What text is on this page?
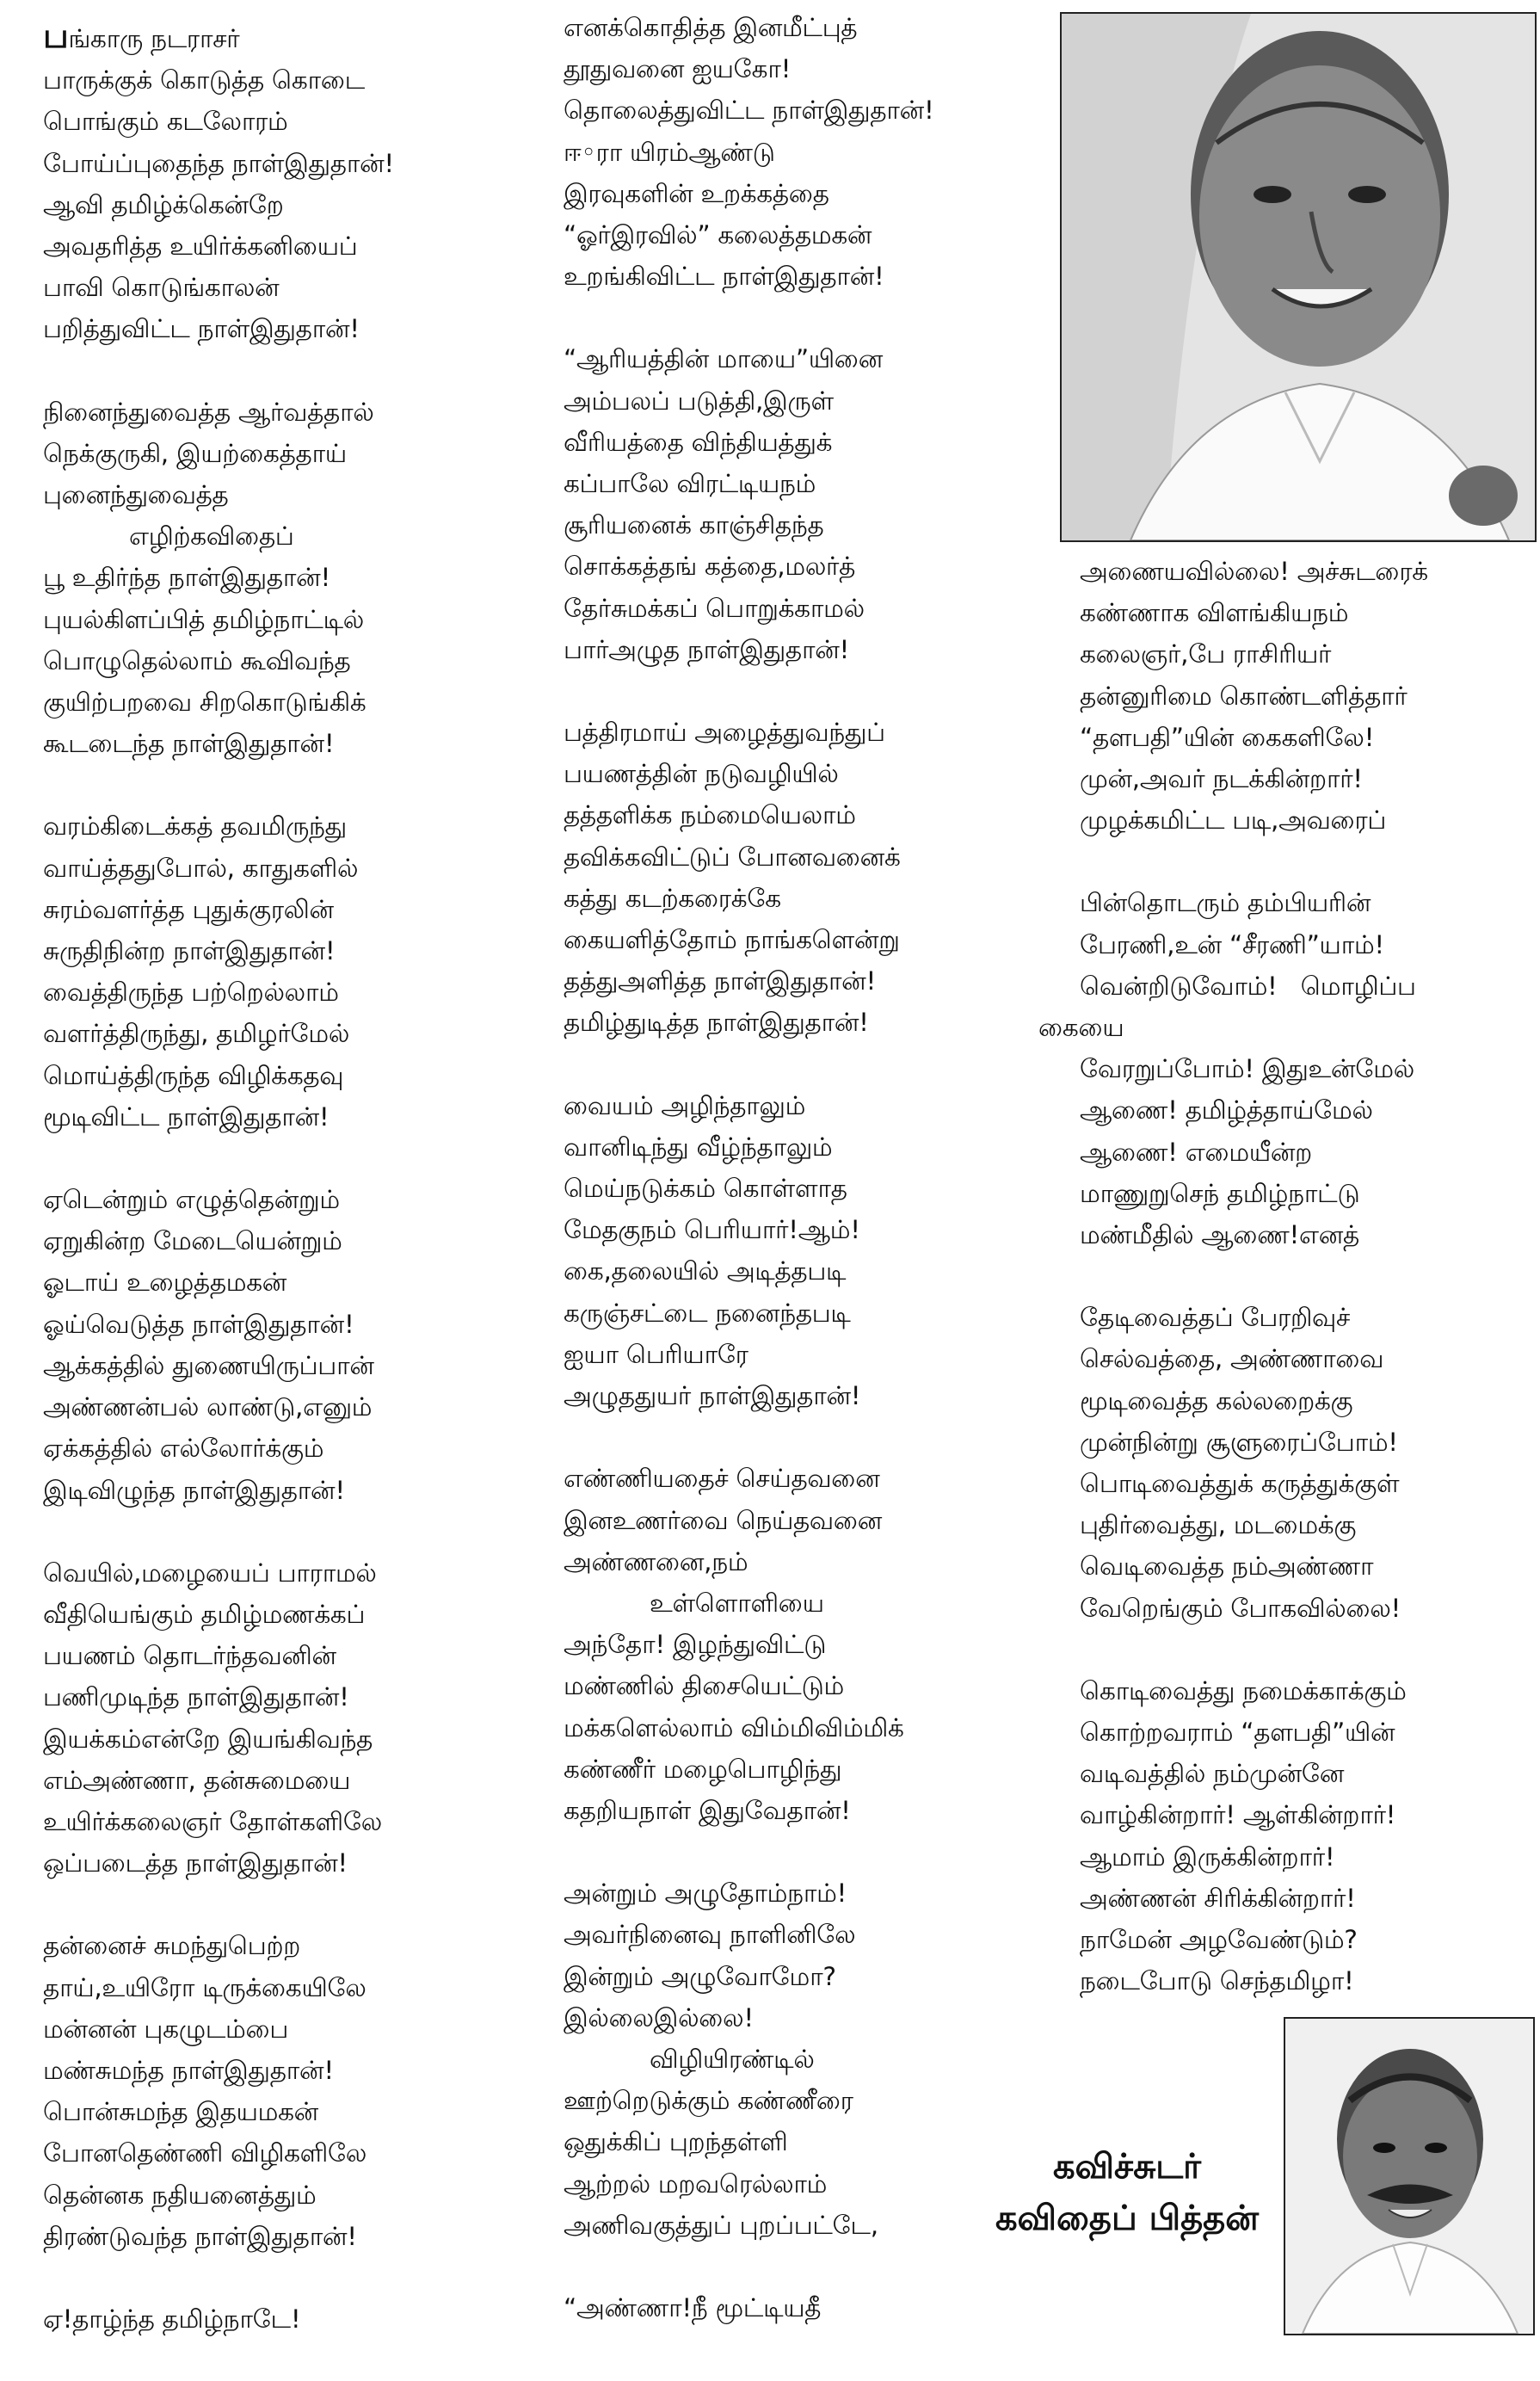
பங்காரு நடராசர்
பாருக்குக் கொடுத்த கொடை
பொங்கும் கடலோரம்
போய்ப்புதைந்த நாள்இதுதான்!
ஆவி தமிழ்க்கென்றே
அவதரித்த உயிர்க்கனியைப்
பாவி கொடுங்காலன்
பறித்துவிட்ட நாள்இதுதான்!
நினைந்துவைத்த ஆர்வத்தால்
நெக்குருகி, இயற்கைத்தாய்
புனைந்துவைத்த
எழிற்கவிதைப்
பூ உதிர்ந்த நாள்இதுதான்!
புயல்கிளப்பித் தமிழ்நாட்டில்
பொழுதெல்லாம் கூவிவந்த
குயிற்பறவை சிறகொடுங்கிக்
கூடடைந்த நாள்இதுதான்!
வரம்கிடைக்கத் தவமிருந்து
வாய்த்ததுபோல், காதுகளில்
சுரம்வளர்த்த புதுக்குரலின்
சுருதிநின்ற நாள்இதுதான்!
வைத்திருந்த பற்றெல்லாம்
வளர்த்திருந்து, தமிழர்மேல்
மொய்த்திருந்த விழிக்கதவு
மூடிவிட்ட நாள்இதுதான்!
ஏடென்றும் எழுத்தென்றும்
ஏறுகின்ற மேடையென்றும்
ஓடாய் உழைத்தமகன்
ஓய்வெடுத்த நாள்இதுதான்!
ஆக்கத்தில் துணையிருப்பான்
அண்ணன்பல் லாண்டு,எனும்
ஏக்கத்தில் எல்லோர்க்கும்
இடிவிழுந்த நாள்இதுதான்!
வெயில்,மழையைப் பாராமல்
வீதியெங்கும் தமிழ்மணக்கப்
பயணம் தொடர்ந்தவனின்
பணிமுடிந்த நாள்இதுதான்!
இயக்கம்என்றே இயங்கிவந்த
எம்அண்ணா, தன்சுமையை
உயிர்க்கலைஞர் தோள்களிலே
ஒப்படைத்த நாள்இதுதான்!
தன்னைச் சுமந்துபெற்ற
தாய்,உயிரோ டிருக்கையிலே
மன்னன் புகழுடம்பை
மண்சுமந்த நாள்இதுதான்!
பொன்சுமந்த இதயமகன்
போனதெண்ணி விழிகளிலே
தென்னக நதியனைத்தும்
திரண்டுவந்த நாள்இதுதான்!
ஏ!தாழ்ந்த தமிழ்நாடே!
எனக்கொதித்த இனமீட்புத்
தூதுவனை ஐயகோ!
தொலைத்துவிட்ட நாள்இதுதான்!
ஈ◦ரா யிரம்ஆண்டு
இரவுகளின் உறக்கத்தை
“ஓர்இரவில்” கலைத்தமகன்
உறங்கிவிட்ட நாள்இதுதான்!
“ஆரியத்தின் மாயை”யினை
அம்பலப் படுத்தி,இருள்
வீரியத்தை விந்தியத்துக்
கப்பாலே விரட்டியநம்
சூரியனைக் காஞ்சிதந்த
சொக்கத்தங் கத்தை,மலர்த்
தேர்சுமக்கப் பொறுக்காமல்
பார்அழுத நாள்இதுதான்!
பத்திரமாய் அழைத்துவந்துப்
பயணத்தின் நடுவழியில்
தத்தளிக்க நம்மையெலாம்
தவிக்கவிட்டுப் போனவனைக்
கத்து கடற்கரைக்கே
கையளித்தோம் நாங்களென்று
தத்துஅளித்த நாள்இதுதான்!
தமிழ்துடித்த நாள்இதுதான்!
வையம் அழிந்தாலும்
வானிடிந்து வீழ்ந்தாலும்
மெய்நடுக்கம் கொள்ளாத
மேதகுநம் பெரியார்!ஆம்!
கை,தலையில் அடித்தபடி
கருஞ்சட்டை நனைந்தபடி
ஐயா பெரியாரே
அழுததுயர் நாள்இதுதான்!
எண்ணியதைச் செய்தவனை
இனஉணர்வை நெய்தவனை
அண்ணனை,நம்
உள்ளொளியை
அந்தோ! இழந்துவிட்டு
மண்ணில் திசையெட்டும்
மக்களெல்லாம் விம்மிவிம்மிக்
கண்ணீர் மழைபொழிந்து
கதறியநாள் இதுவேதான்!
அன்றும் அழுதோம்நாம்!
அவர்நினைவு நாளினிலே
இன்றும் அழுவோமோ?
இல்லைஇல்லை!
விழியிரண்டில்
ஊற்றெடுக்கும் கண்ணீரை
ஒதுக்கிப் புறந்தள்ளி
ஆற்றல் மறவரெல்லாம்
அணிவகுத்துப் புறப்பட்டே,
“அண்ணா!நீ மூட்டியதீ
அணையவில்லை! அச்சுடரைக்
கண்ணாக விளங்கியநம்
கலைஞர்,பே ராசிரியர்
தன்னுரிமை கொண்டளித்தார்
“தளபதி”யின் கைகளிலே!
முன்,அவர் நடக்கின்றார்!
முழக்கமிட்ட படி,அவரைப்
பின்தொடரும் தம்பியரின்
பேரணி,உன் “சீரணி”யாம்!
வென்றிடுவோம்!   மொழிப்ப
கையை
வேரறுப்போம்! இதுஉன்மேல்
ஆணை! தமிழ்த்தாய்மேல்
ஆணை! எமையீன்ற
மாணுறுசெந் தமிழ்நாட்டு
மண்மீதில் ஆணை!எனத்
தேடிவைத்தப் பேரறிவுச்
செல்வத்தை, அண்ணாவை
மூடிவைத்த கல்லறைக்கு
முன்நின்று சூளுரைப்போம்!
பொடிவைத்துக் கருத்துக்குள்
புதிர்வைத்து, மடமைக்கு
வெடிவைத்த நம்அண்ணா
வேறெங்கும் போகவில்லை!
கொடிவைத்து நமைக்காக்கும்
கொற்றவராம் “தளபதி”யின்
வடிவத்தில் நம்முன்னே
வாழ்கின்றார்! ஆள்கின்றார்!
ஆமாம் இருக்கின்றார்!
அண்ணன் சிரிக்கின்றார்!
நாமேன் அழவேண்டும்?
நடைபோடு செந்தமிழா!
கவிச்சுடர்
கவிதைப் பித்தன்
